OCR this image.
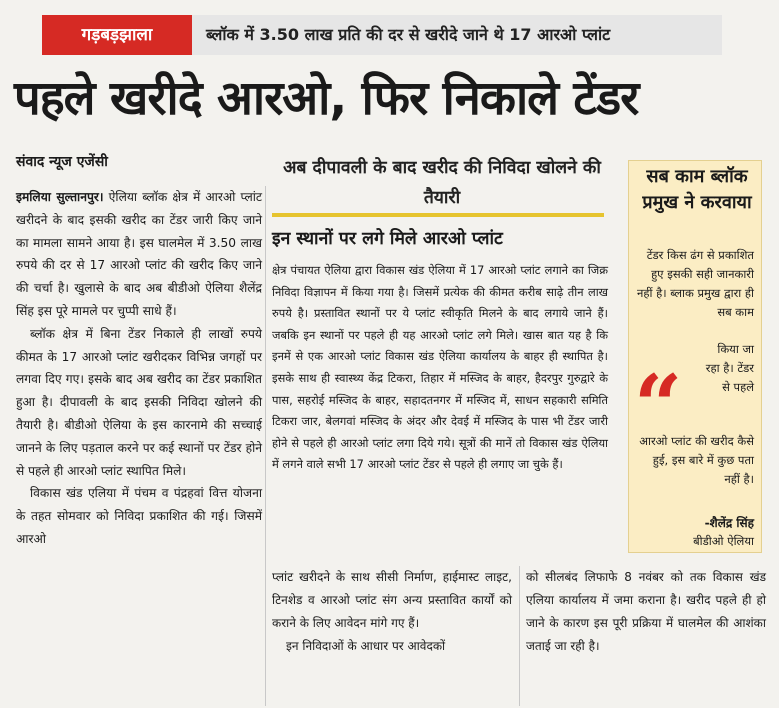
गड़बड़झाला	ब्लॉक में 3.50 लाख प्रति की दर से खरीदे जाने थे 17 आरओ प्लांट
पहले खरीदे आरओ, फिर निकाले टेंडर
संवाद न्यूज एजेंसी

इमलिया सुल्तानपुर। ऐलिया ब्लॉक क्षेत्र में आरओ प्लांट खरीदने के बाद इसकी खरीद का टेंडर जारी किए जाने का मामला सामने आया है। इस घालमेल में 3.50 लाख रुपये की दर से 17 आरओ प्लांट की खरीद किए जाने की चर्चा है। खुलासे के बाद अब बीडीओ ऐलिया शैलेंद्र सिंह इस पूरे मामले पर चुप्पी साधे हैं।

ब्लॉक क्षेत्र में बिना टेंडर निकाले ही लाखों रुपये कीमत के 17 आरओ प्लांट खरीदकर विभिन्न जगहों पर लगवा दिए गए। इसके बाद अब खरीद का टेंडर प्रकाशित हुआ है। दीपावली के बाद इसकी निविदा खोलने की तैयारी है। बीडीओ ऐलिया के इस कारनामे की सच्चाई जानने के लिए पड़ताल करने पर कई स्थानों पर टेंडर होने से पहले ही आरओ प्लांट स्थापित मिले।

विकास खंड एलिया में पंचम व पंद्रहवां वित्त योजना के तहत सोमवार को निविदा प्रकाशित की गई। जिसमें आरओ

अब दीपावली के बाद खरीद की निविदा खोलने की तैयारी
इन स्थानों पर लगे मिले आरओ प्लांट

क्षेत्र पंचायत ऐलिया द्वारा विकास खंड ऐलिया में 17 आरओ प्लांट लगाने का जिक्र निविदा विज्ञापन में किया गया है। जिसमें प्रत्येक की कीमत करीब साढ़े तीन लाख रुपये है। प्रस्तावित स्थानों पर ये प्लांट स्वीकृति मिलने के बाद लगाये जाने हैं। जबकि इन स्थानों पर पहले ही यह आरओ प्लांट लगे मिले। खास बात यह है कि इनमें से एक आरओ प्लांट विकास खंड ऐलिया कार्यालय के बाहर ही स्थापित है। इसके साथ ही स्वास्थ्य केंद्र टिकरा, तिहार में मस्जिद के बाहर, हैदरपुर गुरुद्वारे के पास, सहरोई मस्जिद के बाहर, सहादतनगर में मस्जिद में, साधन सहकारी समिति टिकरा जार, बेलगवां मस्जिद के अंदर और देवई में मस्जिद के पास भी टेंडर जारी होने से पहले ही आरओ प्लांट लगा दिये गये। सूत्रों की मानें तो विकास खंड ऐलिया में लगने वाले सभी 17 आरओ प्लांट टेंडर से पहले ही लगाए जा चुके हैं।

सब काम ब्लॉक प्रमुख ने करवाया
टेंडर किस ढंग से प्रकाशित हुए इसकी सही जानकारी नहीं है। ब्लाक प्रमुख द्वारा ही सब काम
“
किया जा रहा है। टेंडर से पहले
आरओ प्लांट की खरीद कैसे हुई, इस बारे में कुछ पता नहीं है।
-शैलेंद्र सिंह
बीडीओ ऐलिया

प्लांट खरीदने के साथ सीसी निर्माण, हाईमास्ट लाइट, टिनशेड व आरओ प्लांट संग अन्य प्रस्तावित कार्यों को कराने के लिए आवेदन मांगे गए हैं।

इन निविदाओं के आधार पर आवेदकों

को सीलबंद लिफाफे 8 नवंबर को तक विकास खंड एलिया कार्यालय में जमा कराना है। खरीद पहले ही हो जाने के कारण इस पूरी प्रक्रिया में घालमेल की आशंका जताई जा रही है।
